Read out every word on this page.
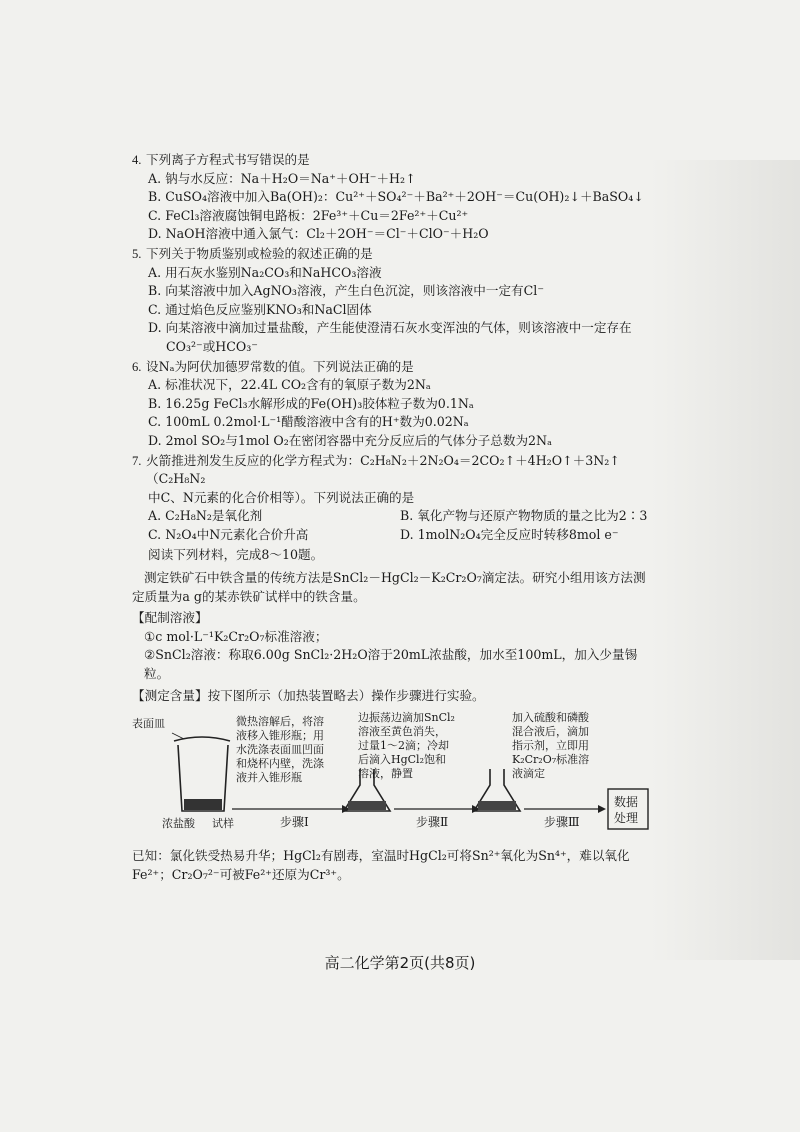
4. 下列离子方程式书写错误的是
A. 钠与水反应：Na＋H₂O＝Na⁺＋OH⁻＋H₂↑
B. CuSO₄溶液中加入Ba(OH)₂：Cu²⁺＋SO₄²⁻＋Ba²⁺＋2OH⁻＝Cu(OH)₂↓＋BaSO₄↓
C. FeCl₃溶液腐蚀铜电路板：2Fe³⁺＋Cu＝2Fe²⁺＋Cu²⁺
D. NaOH溶液中通入氯气：Cl₂＋2OH⁻＝Cl⁻＋ClO⁻＋H₂O
5. 下列关于物质鉴别或检验的叙述正确的是
A. 用石灰水鉴别Na₂CO₃和NaHCO₃溶液
B. 向某溶液中加入AgNO₃溶液，产生白色沉淀，则该溶液中一定有Cl⁻
C. 通过焰色反应鉴别KNO₃和NaCl固体
D. 向某溶液中滴加过量盐酸，产生能使澄清石灰水变浑浊的气体，则该溶液中一定存在
CO₃²⁻或HCO₃⁻
6. 设Nₐ为阿伏加德罗常数的值。下列说法正确的是
A. 标准状况下，22.4L CO₂含有的氧原子数为2Nₐ
B. 16.25g FeCl₃水解形成的Fe(OH)₃胶体粒子数为0.1Nₐ
C. 100mL 0.2mol·L⁻¹醋酸溶液中含有的H⁺数为0.02Nₐ
D. 2mol SO₂与1mol O₂在密闭容器中充分反应后的气体分子总数为2Nₐ
7. 火箭推进剂发生反应的化学方程式为：C₂H₈N₂＋2N₂O₄＝2CO₂↑＋4H₂O↑＋3N₂↑（C₂H₈N₂
中C、N元素的化合价相等）。下列说法正确的是
A. C₂H₈N₂是氧化剂	B. 氧化产物与还原产物物质的量之比为2∶3
C. N₂O₄中N元素化合价升高	D. 1molN₂O₄完全反应时转移8mol e⁻
阅读下列材料，完成8～10题。
测定铁矿石中铁含量的传统方法是SnCl₂－HgCl₂－K₂Cr₂O₇滴定法。研究小组用该方法测定质量为a g的某赤铁矿试样中的铁含量。
【配制溶液】
①c mol·L⁻¹K₂Cr₂O₇标准溶液；
②SnCl₂溶液：称取6.00g SnCl₂·2H₂O溶于20mL浓盐酸，加水至100mL，加入少量锡粒。
【测定含量】按下图所示（加热装置略去）操作步骤进行实验。
表面皿
浓盐酸 试样
微热溶解后，将溶
液移入锥形瓶；用
水洗涤表面皿凹面
和烧杯内壁，洗涤
液并入锥形瓶
边振荡边滴加SnCl₂
溶液至黄色消失，
过量1～2滴；冷却
后滴入HgCl₂饱和
溶液，静置
加入硫酸和磷酸
混合液后，滴加
指示剂，立即用
K₂Cr₂O₇标准溶
液滴定
步骤Ⅰ	步骤Ⅱ	步骤Ⅲ
数据
处理
已知：氯化铁受热易升华；HgCl₂有剧毒，室温时HgCl₂可将Sn²⁺氧化为Sn⁴⁺，难以氧化Fe²⁺；Cr₂O₇²⁻可被Fe²⁺还原为Cr³⁺。
高二化学第2页(共8页)
